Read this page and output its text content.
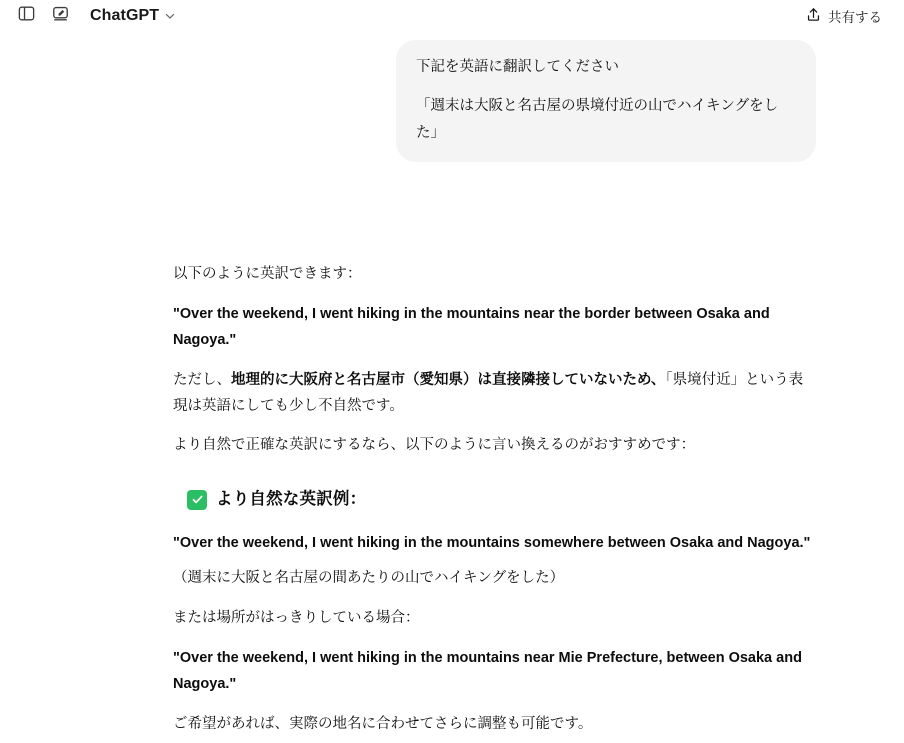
ChatGPT	共有する

下記を英語に翻訳してください

「週末は大阪と名古屋の県境付近の山でハイキングをした」

以下のように英訳できます：

"Over the weekend, I went hiking in the mountains near the border between Osaka and Nagoya."

ただし、地理的に大阪府と名古屋市（愛知県）は直接隣接していないため、「県境付近」という表現は英語にしても少し不自然です。

より自然で正確な英訳にするなら、以下のように言い換えるのがおすすめです：

より自然な英訳例：

"Over the weekend, I went hiking in the mountains somewhere between Osaka and Nagoya."

（週末に大阪と名古屋の間あたりの山でハイキングをした）

または場所がはっきりしている場合：

"Over the weekend, I went hiking in the mountains near Mie Prefecture, between Osaka and Nagoya."

ご希望があれば、実際の地名に合わせてさらに調整も可能です。
